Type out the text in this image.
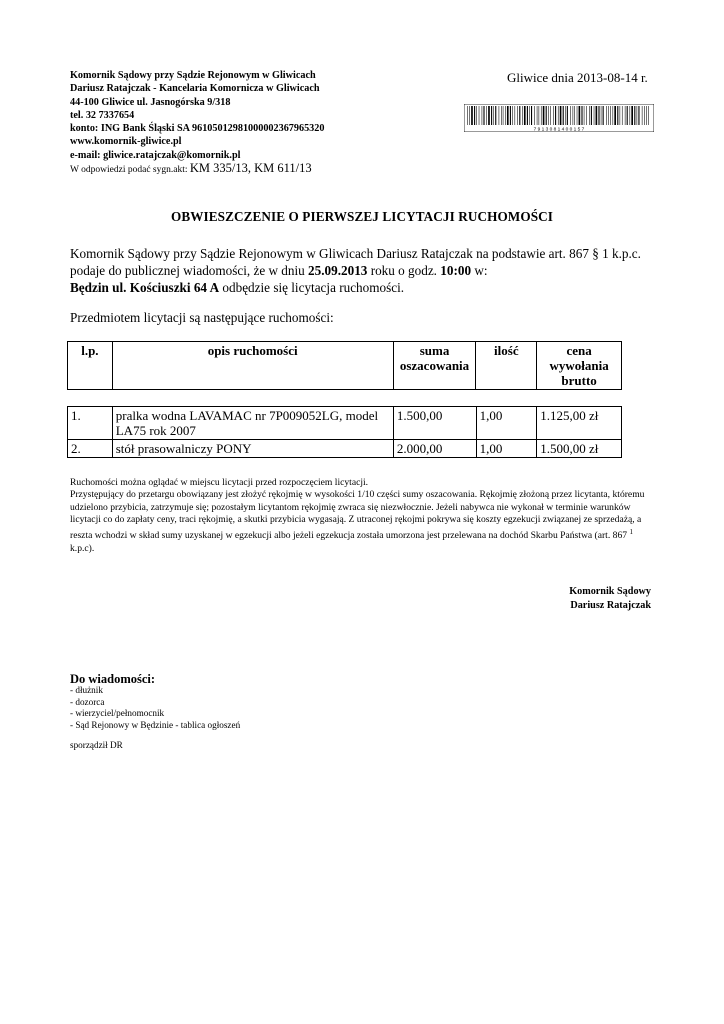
Komornik Sądowy przy Sądzie Rejonowym w Gliwicach
Dariusz Ratajczak - Kancelaria Komornicza w Gliwicach
44-100 Gliwice ul. Jasnogórska 9/318
tel. 32 7337654
konto: ING Bank Śląski SA 96105012981000002367965320
www.komornik-gliwice.pl
e-mail: gliwice.ratajczak@komornik.pl
W odpowiedzi podać sygn.akt: KM 335/13, KM 611/13
Gliwice dnia 2013-08-14 r.
7 9 1 3 0 8 1 4 0 0 1 5 7
OBWIESZCZENIE O PIERWSZEJ LICYTACJI RUCHOMOŚCI

Komornik Sądowy przy Sądzie Rejonowym w Gliwicach Dariusz Ratajczak na podstawie art. 867 § 1 k.p.c.

podaje do publicznej wiadomości, że w dniu 25.09.2013 roku o godz. 10:00 w:

Będzin ul. Kościuszki 64 A odbędzie się licytacja ruchomości.

Przedmiotem licytacji są następujące ruchomości:
l.p.	opis ruchomości	suma oszacowania	ilość	cena wywołania brutto
1.	pralka wodna LAVAMAC nr 7P009052LG, model LA75 rok 2007	1.500,00	1,00	1.125,00 zł
2.	stół prasowalniczy PONY	2.000,00	1,00	1.500,00 zł

Ruchomości można oglądać w miejscu licytacji przed rozpoczęciem licytacji.

Przystępujący do przetargu obowiązany jest złożyć rękojmię w wysokości 1/10 części sumy oszacowania. Rękojmię złożoną przez licytanta, któremu udzielono przybicia, zatrzymuje się; pozostałym licytantom rękojmię zwraca się niezwłocznie. Jeżeli nabywca nie wykonał w terminie warunków licytacji co do zapłaty ceny, traci rękojmię, a skutki przybicia wygasają. Z utraconej rękojmi pokrywa się koszty egzekucji związanej ze sprzedażą, a reszta wchodzi w skład sumy uzyskanej w egzekucji albo jeżeli egzekucja została umorzona jest przelewana na dochód Skarbu Państwa (art. 867 $^1$ k.p.c).

Komornik Sądowy
Dariusz Ratajczak
Do wiadomości:
- dłużnik
- dozorca
- wierzyciel/pełnomocnik
- Sąd Rejonowy w Będzinie - tablica ogłoszeń
sporządził DR
